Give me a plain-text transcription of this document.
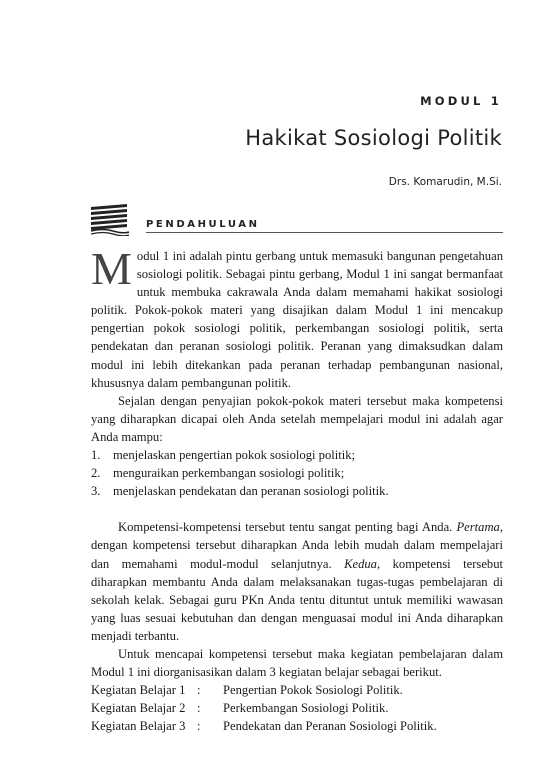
MODUL 1
Hakikat Sosiologi Politik
Drs. Komarudin, M.Si.
PENDAHULUAN

Modul 1 ini adalah pintu gerbang untuk memasuki bangunan pengetahuan sosiologi politik. Sebagai pintu gerbang, Modul 1 ini sangat bermanfaat untuk membuka cakrawala Anda dalam memahami hakikat sosiologi politik. Pokok-pokok materi yang disajikan dalam Modul 1 ini mencakup pengertian pokok sosiologi politik, perkembangan sosiologi politik, serta pendekatan dan peranan sosiologi politik. Peranan yang dimaksudkan dalam modul ini lebih ditekankan pada peranan terhadap pembangunan nasional, khususnya dalam pembangunan politik.

Sejalan dengan penyajian pokok-pokok materi tersebut maka kompetensi yang diharapkan dicapai oleh Anda setelah mempelajari modul ini adalah agar Anda mampu:

1. menjelaskan pengertian pokok sosiologi politik;
2. menguraikan perkembangan sosiologi politik;
3. menjelaskan pendekatan dan peranan sosiologi politik.

Kompetensi-kompetensi tersebut tentu sangat penting bagi Anda. Pertama, dengan kompetensi tersebut diharapkan Anda lebih mudah dalam mempelajari dan memahami modul-modul selanjutnya. Kedua, kompetensi tersebut diharapkan membantu Anda dalam melaksanakan tugas-tugas pembelajaran di sekolah kelak. Sebagai guru PKn Anda tentu dituntut untuk memiliki wawasan yang luas sesuai kebutuhan dan dengan menguasai modul ini Anda diharapkan menjadi terbantu.

Untuk mencapai kompetensi tersebut maka kegiatan pembelajaran dalam Modul 1 ini diorganisasikan dalam 3 kegiatan belajar sebagai berikut.

Kegiatan Belajar 1 :	Pengertian Pokok Sosiologi Politik.
Kegiatan Belajar 2 :	Perkembangan Sosiologi Politik.
Kegiatan Belajar 3 :	Pendekatan dan Peranan Sosiologi Politik.
